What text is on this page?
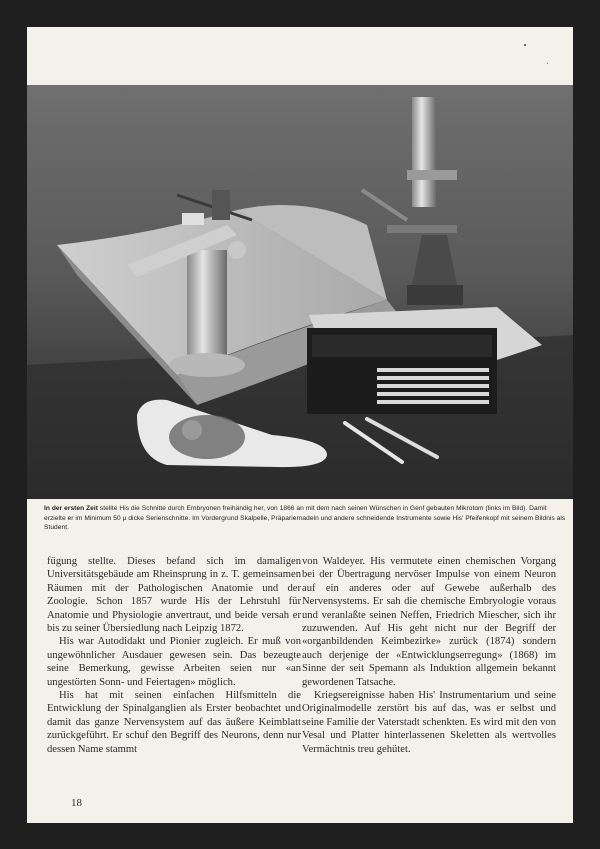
In der ersten Zeit stellte His die Schnitte durch Embryonen freihändig her, von 1866 an mit dem nach seinen Wünschen in Genf gebauten Mikrotom (links im Bild). Damit erzielte er im Minimum 50 µ dicke Serienschnitte. Im Vordergrund Skalpelle, Präpariernadeln und andere schneidende Instrumente sowie His' Pfeifenkopf mit seinem Bildnis als Student.

fügung stellte. Dieses befand sich im damaligen Universitätsgebäude am Rheinsprung in z. T. gemeinsamen Räumen mit der Pathologischen Anatomie und der Zoologie. Schon 1857 wurde His der Lehrstuhl für Anatomie und Physiologie anvertraut, und beide versah er bis zu seiner Übersiedlung nach Leipzig 1872.

His war Autodidakt und Pionier zugleich. Er muß von ungewöhnlicher Ausdauer gewesen sein. Das bezeugte seine Bemerkung, gewisse Arbeiten seien nur «an ungestörten Sonn- und Feiertagen» möglich.

His hat mit seinen einfachen Hilfsmitteln die Entwicklung der Spinalganglien als Erster beobachtet und damit das ganze Nervensystem auf das äußere Keimblatt zurückgeführt. Er schuf den Begriff des Neurons, denn nur dessen Name stammt

von Waldeyer. His vermutete einen chemischen Vorgang bei der Übertragung nervöser Impulse von einem Neuron auf ein anderes oder auf Gewebe außerhalb des Nervensystems. Er sah die chemische Embryologie voraus und veranlaßte seinen Neffen, Friedrich Miescher, sich ihr zuzuwenden. Auf His geht nicht nur der Begriff der «organbildenden Keimbezirke» zurück (1874) sondern auch derjenige der «Entwicklungserregung» (1868) im Sinne der seit Spemann als Induktion allgemein bekannt gewordenen Tatsache.

Kriegsereignisse haben His' Instrumentarium und seine Originalmodelle zerstört bis auf das, was er selbst und seine Familie der Vaterstadt schenkten. Es wird mit den von Vesal und Platter hinterlassenen Skeletten als wertvolles Vermächtnis treu gehütet.

18
